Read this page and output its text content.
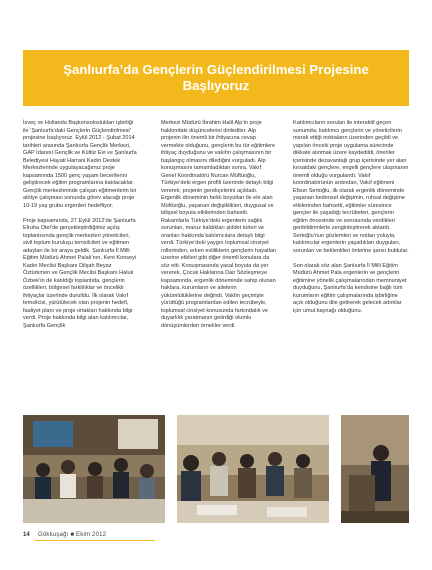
Şanlıurfa’da Gençlerin Güçlendirilmesi Projesine Başlıyoruz

İsveç ve Hollanda Başkonsoloslukları işbirliği ile ‘Şanlıurfa’daki Gençlerin Güçlendirilmesi’ projesine başlıyoruz. Eylül 2012 - Şubat 2014 tarihleri arasında Şanlıurfa Gençlik Merkezi, GAP İdaresi Gençlik ve Kültür Evi ve Şanlıurfa Belediyesi Hayati Harrani Kadın Destek Merkezlerinde uygulayacağımız proje kapsamında 1500 genç yaşam becerilerini geliştirecek eğitim programlarına katılacaklar. Gençlik merkezlerinde çalışan eğitmenlerin bir atölye çalışması sonunda görev alacağı proje 10-19 yaş grubu ergenleri hedefliyor.

Proje kapsamında, 27 Eylül 2012’de Şanlıurfa Elruha Otel’de gerçekleştirdiğimiz açılış toplantısında gençlik merkezleri yöneticileri, sivil toplum kuruluşu temsilcileri ve eğitmen adayları ile bir araya geldik. Şanlıurfa İl Milli Eğitim Müdürü Ahmet Palalı’nın, Kent Konseyi Kadın Meclisi Başkanı Dilşah Beyaz Öztürkmen ve Gençlik Meclisi Başkanı Haluk Özbek’in de katıldığı toplantıda, gençlerin özellikleri, bölgesel farklılıklar ve öncelikli ihtiyaçlar üzerinde durulldu. İlk olarak Vakıf temsilcisi, yürütülecek olan projenin hedefi, faaliyet planı ve proje ortakları hakkında bilgi verdi. Proje hakkında bilgi alan katılımcılar, Şanlıurfa Gençlik

Merkezi Müdürü İbrahim Halil Alp’in proje hakkındaki düşüncelerini dinlediler. Alp projenin ilin önemli bir ihtiyacına cevap vermekte olduğunu, gençlerin bu tür eğitimlere ihtiyaç duyduğunu ve vakıfın çalışmasının bir başlangıç olmasını dilediğini vurguladı. Alp konuşmasını tamamladıktan sonra, Vakıf Genel Koordinatörü Nurcan Müftüoğlu, Türkiye’deki ergen profili üzerinde detaylı bilgi vererek; projenin gerekçelerini açıkladı. Ergenlik döneminin farklı boyutları ile ele alan Müftüoğlu, yaşanan değişiklikleri, duygusal ve bilişsel boyuta etkilerinden bahsetti. Rakamlarla Türkiye’deki ergenlerin sağlık sorunları, maruz kaldıkları şiddet türleri ve oranları hakkında katılımcılara detaylı bilgi verdi. Türkiye’deki yaygın toplumsal cinsiyet rollerinden, erken evliliklerin gençlerin hayatları üzerine etkileri gibi diğer önemli konulara da söz etti. Konuşmasında yasal boyuta da yer vererek, Çocuk Haklarına Dair Sözleşmeye kapsamında, ergenlik döneminde sahip olunan haklara, kurumların ve ailelerin yükümlülüklerine değindi. Vakfın geçmişte yürüttüğü programlardan edilen tecrübeyle, toplumsal cinsiyet konusunda farkındalık ve duyarlılık yaratmanın getirdiği olumlu dönüşümlerden örnekler verdi.

Katılımcıların sorulan ile interaktif geçen sunumda; katılımcı gençlerin ve yöneticilerin merak ettiği noktaların üzerinden geçildi ve yapılan önceki proje uygulama sürecinde dikkate alınmak üzere kaydedildi, öneriler içerisinde dezavantajlı grup içerisinde yer alan kırsaldaki gençlere, engelli gençlere ulaşmanın önemli olduğu vurgulandı. Vakıf koordinatörünün ardından, Vakıf eğitmeni Efsun Sertoğlu, ilk olarak ergenlik döneminde yaşanan bedensel değişimin, ruhsal değişime etkilerinden bahsetti, eğitimler süresince gençler ile yaşadığı tecrübeleri, gençlerin eğitim öncesinde ve sonrasında verdikleri geribildirimlerle zenginleştirerek aktardı. Sertoğlu’nun gözlemleri ve notları yoluyla, katılımcılar ergenlerin yaşadıkları duyguları, sorunları ve beklentileri önlerine şansı buldular.

Son olarak söz alan Şanlıurfa İl Milli Eğitim Müdürü Ahmet Pala ergenlerin ve gençlerin eğitimine yönelik çalışmalarından memnuniyet duyduğunu, Şanlıurfa’da kendisine bağlı tüm kurumların eğitim çalışmalarında işbirliğine açık olduğunu dile getirerek gelecek adımlar için umut kaynağı olduğunu.

14 Gökkuşağı ■ Ekim 2012
